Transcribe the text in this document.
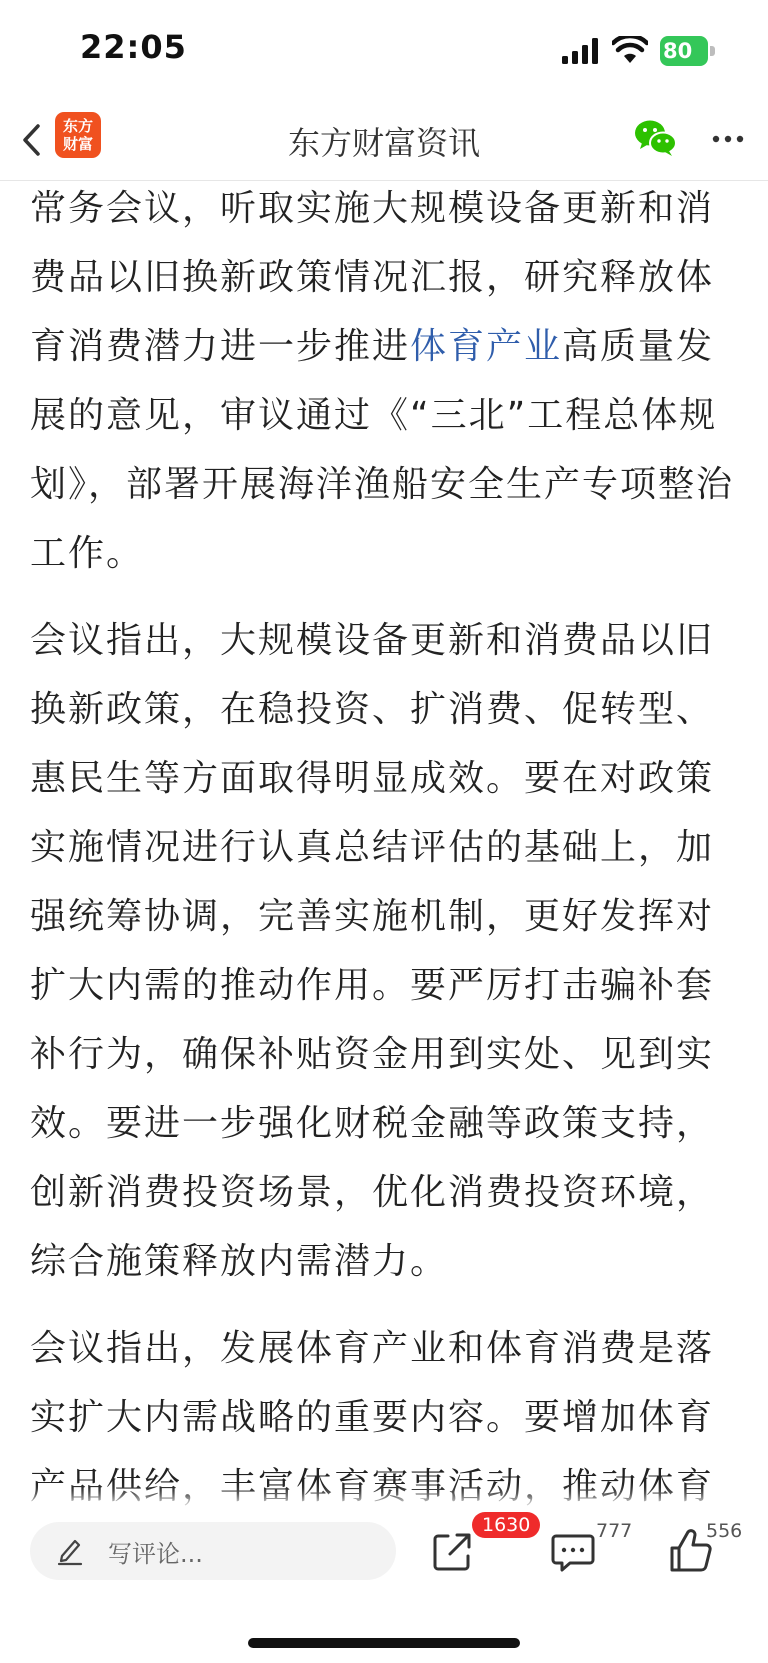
22:05	80
东方
财富	东方财富资讯

常务会议，听取实施大规模设备更新和消费品以旧换新政策情况汇报，研究释放体育消费潜力进一步推进体育产业高质量发展的意见，审议通过《“三北”工程总体规划》，部署开展海洋渔船安全生产专项整治工作。

会议指出，大规模设备更新和消费品以旧换新政策，在稳投资、扩消费、促转型、惠民生等方面取得明显成效。要在对政策实施情况进行认真总结评估的基础上，加强统筹协调，完善实施机制，更好发挥对扩大内需的推动作用。要严厉打击骗补套补行为，确保补贴资金用到实处、见到实效。要进一步强化财税金融等政策支持，创新消费投资场景，优化消费投资环境，综合施策释放内需潜力。

会议指出，发展体育产业和体育消费是落实扩大内需战略的重要内容。要增加体育产品供给，丰富体育赛事活动，推动体育

写评论...
1630	777	556
